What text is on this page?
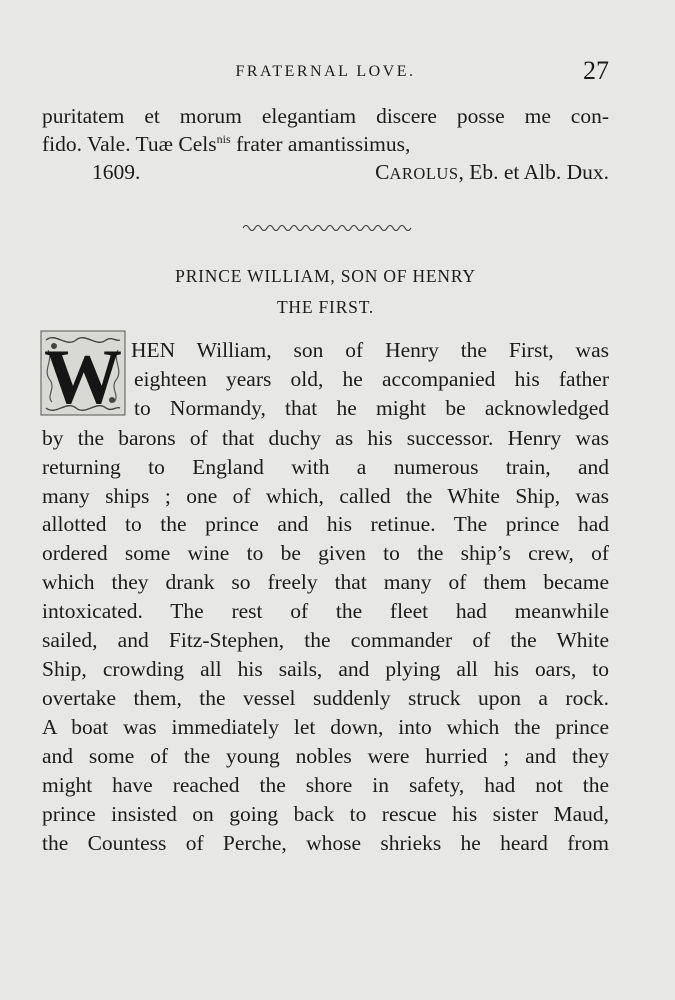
FRATERNAL LOVE.	27
puritatem et morum elegantiam discere posse me con-
fido. Vale. Tuæ Cels$^{nis}$ frater amantissimus,
1609.	CAROLUS, Eb. et Alb. Dux.
PRINCE WILLIAM, SON OF HENRY
THE FIRST.
W HEN William, son of Henry the First, was
eighteen years old, he accompanied his father
to Normandy, that he might be acknowledged
by the barons of that duchy as his successor. Henry was
returning to England with a numerous train, and
many ships ; one of which, called the White Ship, was
allotted to the prince and his retinue. The prince had
ordered some wine to be given to the ship’s crew, of
which they drank so freely that many of them became
intoxicated. The rest of the fleet had meanwhile
sailed, and Fitz-Stephen, the commander of the White
Ship, crowding all his sails, and plying all his oars, to
overtake them, the vessel suddenly struck upon a rock.
A boat was immediately let down, into which the prince
and some of the young nobles were hurried ; and they
might have reached the shore in safety, had not the
prince insisted on going back to rescue his sister Maud,
the Countess of Perche, whose shrieks he heard from
